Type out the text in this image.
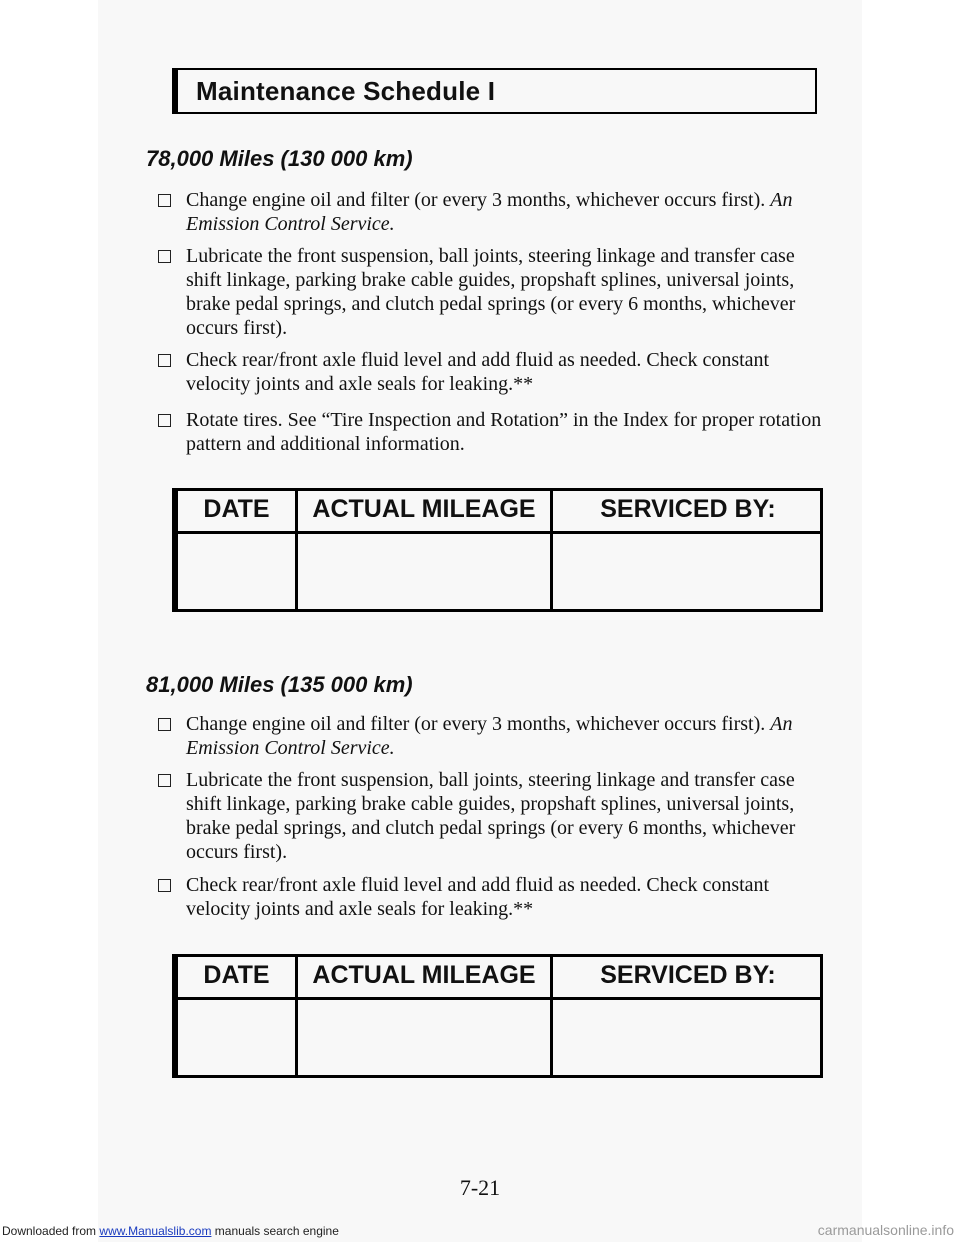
Maintenance Schedule I
78,000 Miles (130 000 km)
Change engine oil and filter (or every 3 months, whichever occurs first). An Emission Control Service.
Lubricate the front suspension, ball joints, steering linkage and transfer case shift linkage, parking brake cable guides, propshaft splines, universal joints, brake pedal springs, and clutch pedal springs (or every 6 months, whichever occurs first).
Check rear/front axle fluid level and add fluid as needed. Check constant velocity joints and axle seals for leaking.**
Rotate tires. See “Tire Inspection and Rotation” in the Index for proper rotation pattern and additional information.
DATE	ACTUAL MILEAGE	SERVICED BY:
81,000 Miles (135 000 km)
Change engine oil and filter (or every 3 months, whichever occurs first). An Emission Control Service.
Lubricate the front suspension, ball joints, steering linkage and transfer case shift linkage, parking brake cable guides, propshaft splines, universal joints, brake pedal springs, and clutch pedal springs (or every 6 months, whichever occurs first).
Check rear/front axle fluid level and add fluid as needed. Check constant velocity joints and axle seals for leaking.**
DATE	ACTUAL MILEAGE	SERVICED BY:
7-21
Downloaded from www.Manualslib.com manuals search engine	carmanualsonline.info
